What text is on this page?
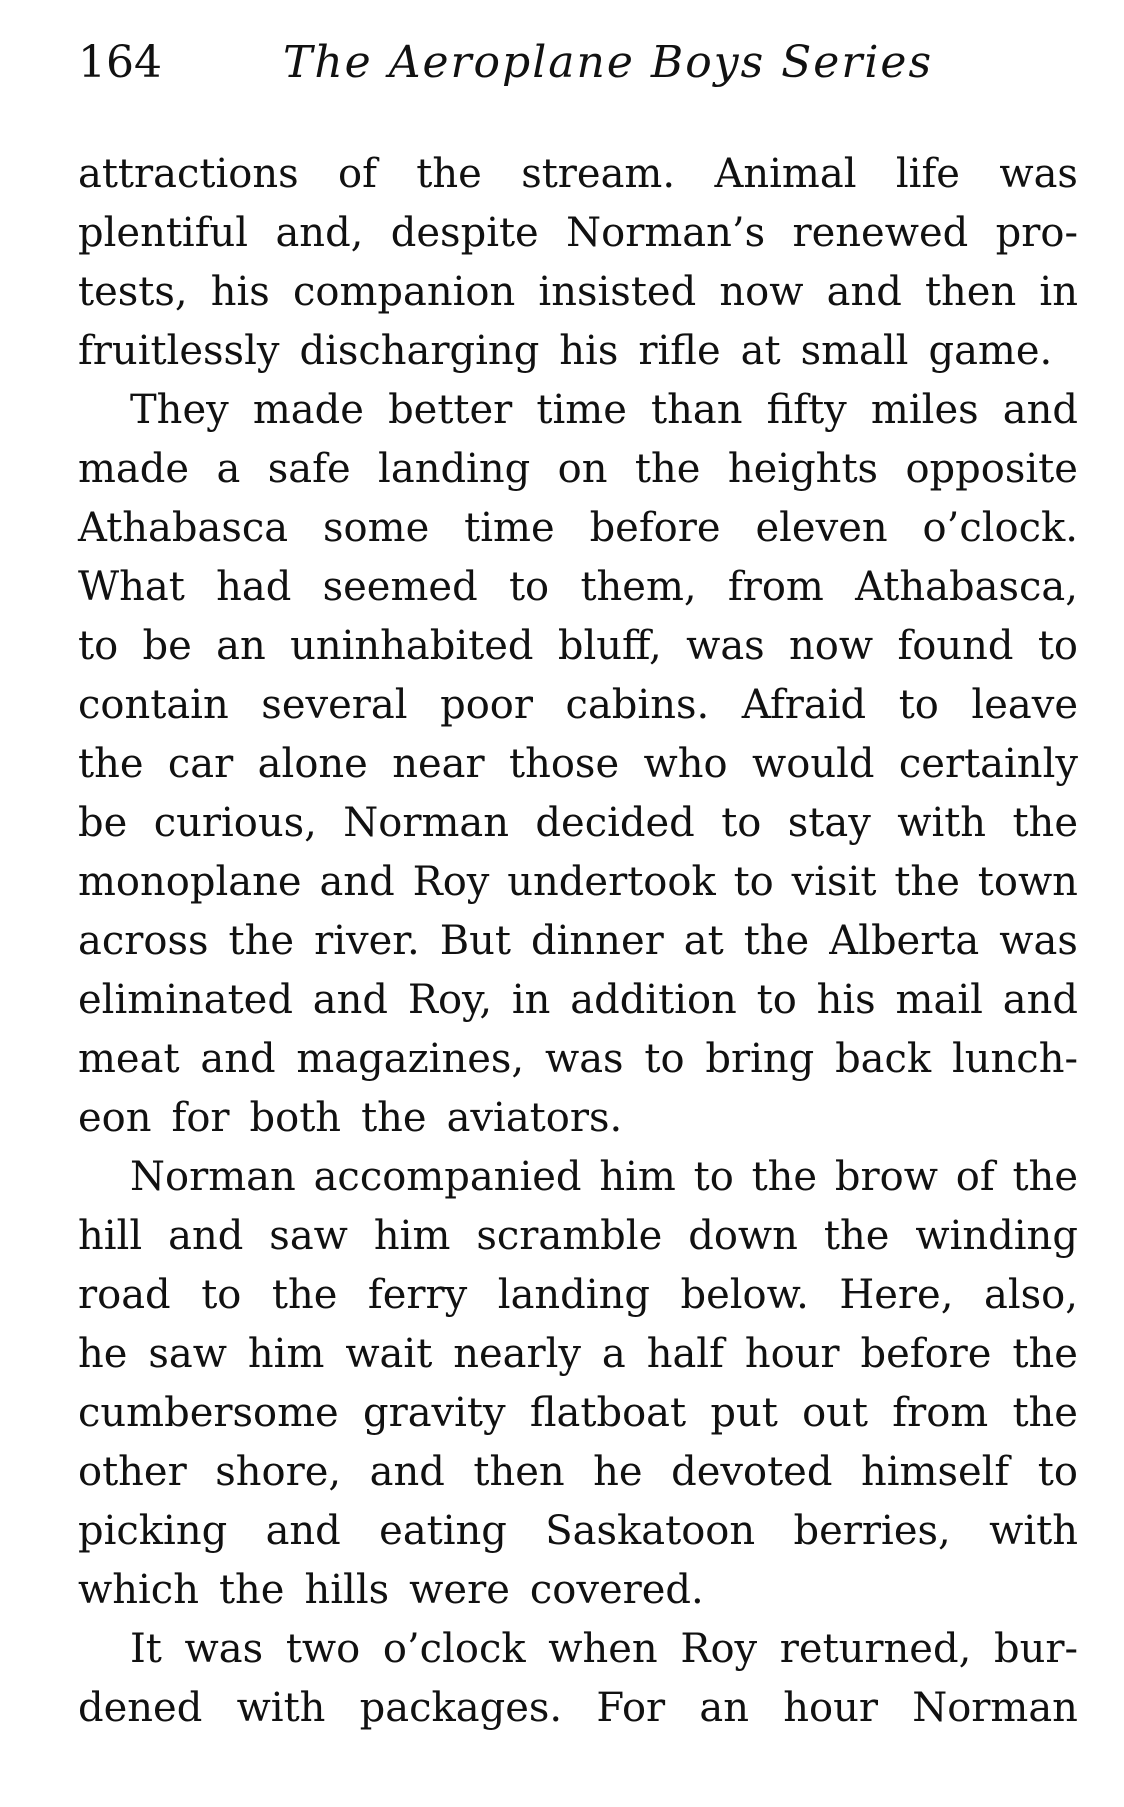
164	The Aeroplane Boys Series
attractions of the stream. Animal life was
plentiful and, despite Norman’s renewed pro-
tests, his companion insisted now and then in
fruitlessly discharging his rifle at small game.
They made better time than fifty miles and
made a safe landing on the heights opposite
Athabasca some time before eleven o’clock.
What had seemed to them, from Athabasca,
to be an uninhabited bluff, was now found to
contain several poor cabins. Afraid to leave
the car alone near those who would certainly
be curious, Norman decided to stay with the
monoplane and Roy undertook to visit the town
across the river. But dinner at the Alberta was
eliminated and Roy, in addition to his mail and
meat and magazines, was to bring back lunch-
eon for both the aviators.
Norman accompanied him to the brow of the
hill and saw him scramble down the winding
road to the ferry landing below. Here, also,
he saw him wait nearly a half hour before the
cumbersome gravity flatboat put out from the
other shore, and then he devoted himself to
picking and eating Saskatoon berries, with
which the hills were covered.
It was two o’clock when Roy returned, bur-
dened with packages. For an hour Norman
